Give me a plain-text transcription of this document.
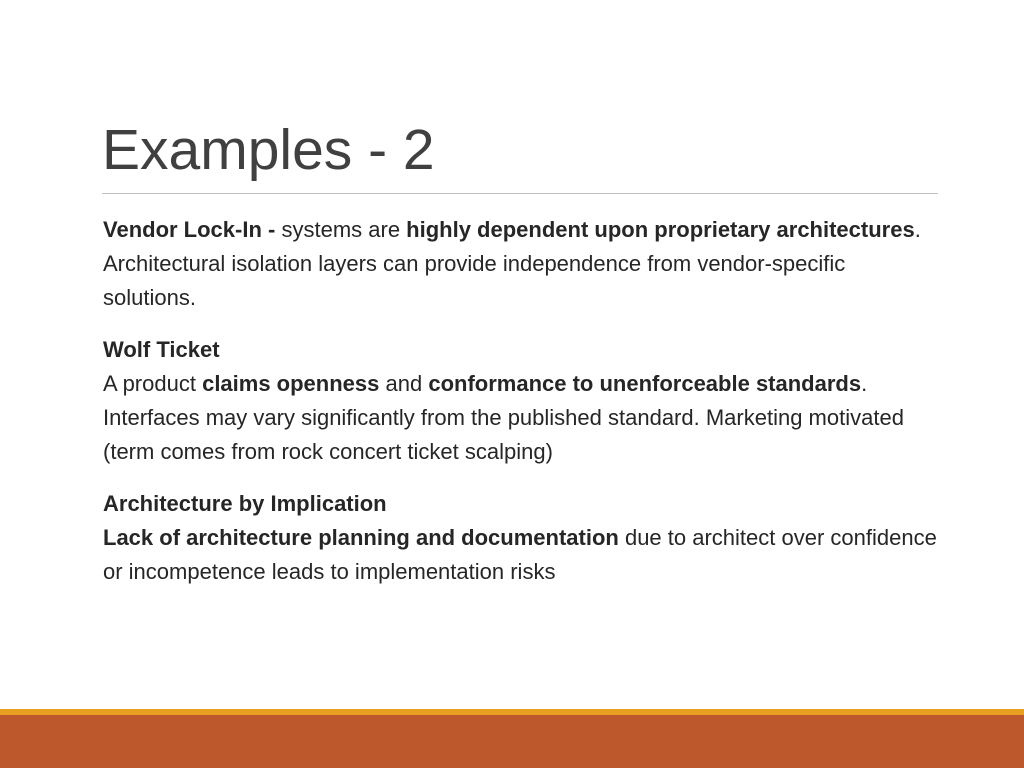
Examples - 2

Vendor Lock-In - systems are highly dependent upon proprietary architectures. Architectural isolation layers can provide independence from vendor-specific solutions.

Wolf Ticket
A product claims openness and conformance to unenforceable standards. Interfaces may vary significantly from the published standard. Marketing motivated (term comes from rock concert ticket scalping)

Architecture by Implication
Lack of architecture planning and documentation due to architect over confidence or incompetence leads to implementation risks
